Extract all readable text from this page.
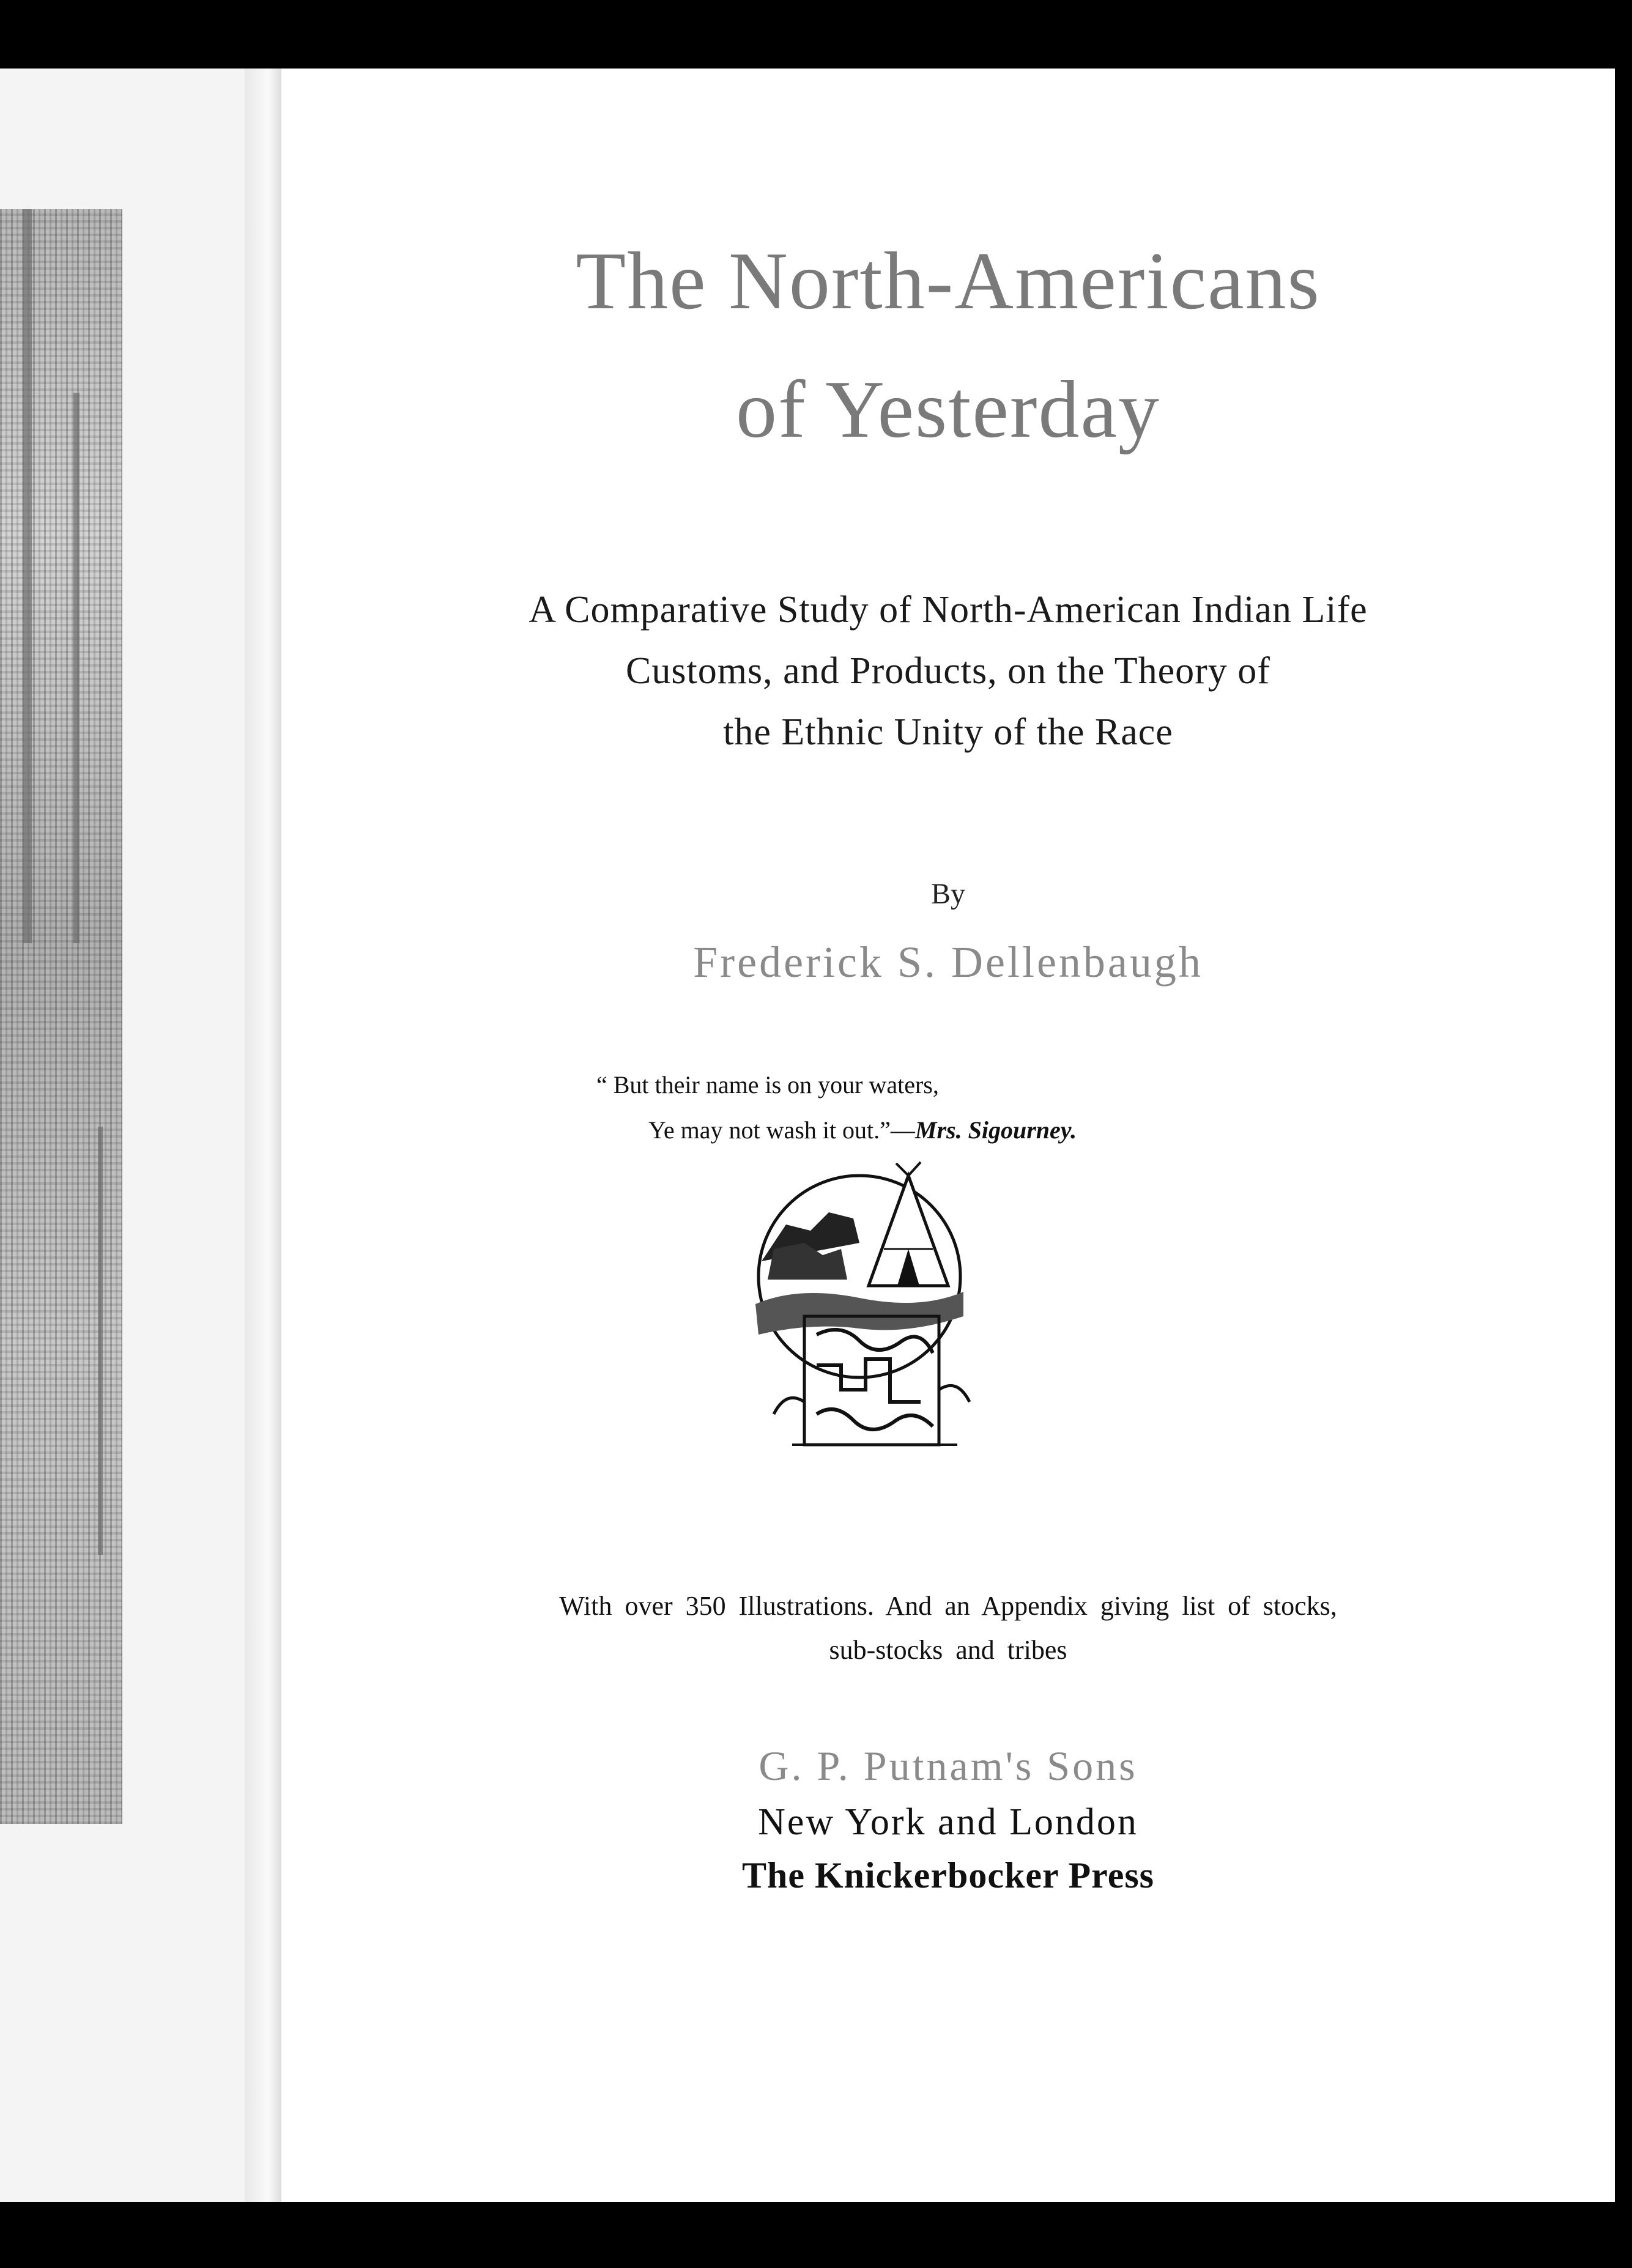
The North-Americans
of Yesterday
A Comparative Study of North-American Indian Life
Customs, and Products, on the Theory of
the Ethnic Unity of the Race
By
Frederick S. Dellenbaugh
“ But their name is on your waters,
Ye may not wash it out.”—Mrs. Sigourney.
With over 350 Illustrations. And an Appendix giving list of stocks,
sub-stocks and tribes
G. P. Putnam's Sons
New York and London
The Knickerbocker Press
